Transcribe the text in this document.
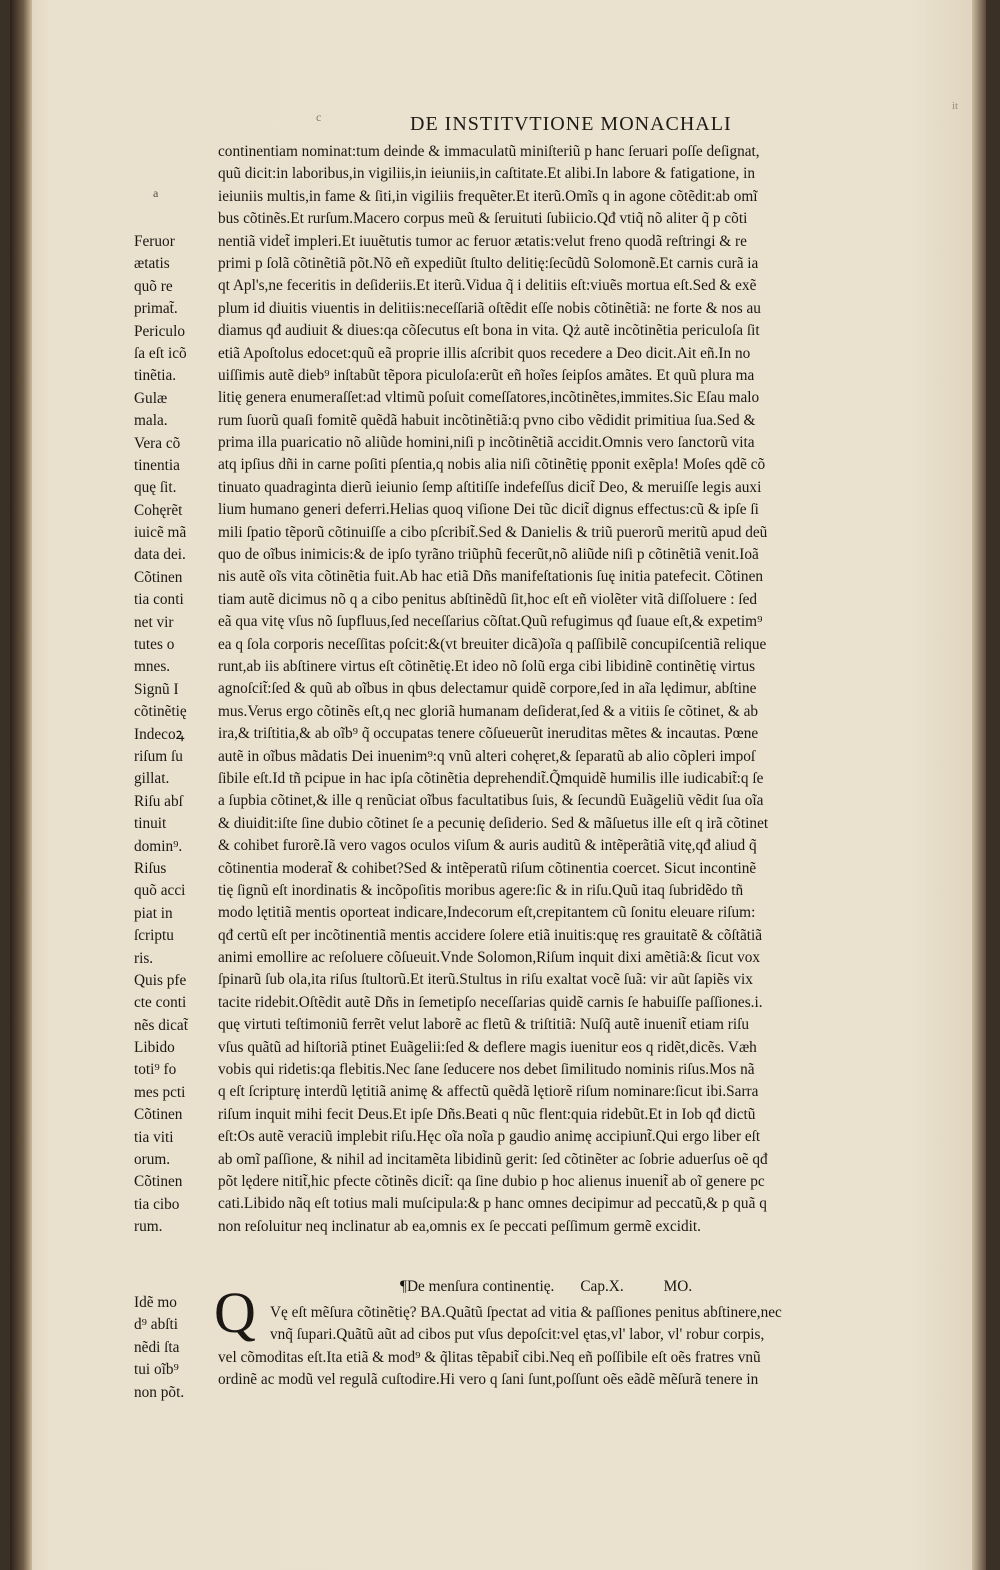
c	DE INSTITVTIONE MONACHALI
a
it
continentiam nominat:tum deinde & immaculatũ miniſteriũ p hanc ſeruari poſſe deſignat,
quũ dicit:in laboribus,in vigiliis,in ieiuniis,in caſtitate.Et alibi.In labore & fatigatione, in
ieiuniis multis,in fame & ſiti,in vigiliis frequẽter.Et iterũ.Omĩs q in agone cõtẽdit:ab omĩ
bus cõtinẽs.Et rurſum.Macero corpus meũ & ſeruituti ſubiicio.Qđ vtiq̃ nõ aliter q̃ p cõti
nentiã videt̃ impleri.Et iuuẽtutis tumor ac feruor ætatis:velut freno quodã reſtringi & re
primi p ſolã cõtinẽtiã põt.Nõ eñ expediũt ſtulto delitię:ſecũdũ Solomonẽ.Et carnis curã ia
qt Apl's,ne feceritis in deſideriis.Et iterũ.Vidua q̃ i delitiis eſt:viuẽs mortua eſt.Sed & exẽ
plum id diuitis viuentis in delitiis:neceſſariã oſtẽdit eſſe nobis cõtinẽtiã: ne forte & nos au
diamus qđ audiuit & diues:qa cõſecutus eſt bona in vita. Qż autẽ incõtinẽtia periculoſa ſit
etiã Apoſtolus edocet:quũ eã proprie illis aſcribit quos recedere a Deo dicit.Ait eñ.In no
uiſſimis autẽ dieb⁹ inſtabũt tẽpora piculoſa:erũt eñ hoĩes ſeipſos amãtes. Et quũ plura ma
litię genera enumeraſſet:ad vltimũ poſuit comeſſatores,incõtinẽtes,immites.Sic Eſau malo
rum ſuorũ quaſi fomitẽ quẽdã habuit incõtinẽtiã:q pvno cibo vẽdidit primitiua ſua.Sed &
prima illa puaricatio nõ aliũde homini,niſi p incõtinẽtiã accidit.Omnis vero ſanctorũ vita
atq ipſius dñi in carne poſiti pſentia,q nobis alia niſi cõtinẽtię pponit exẽpla! Moſes qdẽ cõ
tinuato quadraginta dierũ ieiunio ſemp aſtitiſſe indefeſſus dicit̃ Deo, & meruiſſe legis auxi
lium humano generi deferri.Helias quoq viſione Dei tũc dicit̃ dignus effectus:cũ & ipſe ſi
mili ſpatio tẽporũ cõtinuiſſe a cibo pſcribit̃.Sed & Danielis & triũ puerorũ meritũ apud deũ
quo de oĩbus inimicis:& de ipſo tyrãno triũphũ fecerũt,nõ aliũde niſi p cõtinẽtiã venit.Ioã
nis autẽ oĩs vita cõtinẽtia fuit.Ab hac etiã Dñs manifeſtationis ſuę initia patefecit. Cõtinen
tiam autẽ dicimus nõ q a cibo penitus abſtinẽdũ ſit,hoc eſt eñ violẽter vitã diſſoluere : ſed
eã qua vitę vſus nõ ſupfluus,ſed neceſſarius cõſtat.Quũ refugimus qđ ſuaue eſt,& expetim⁹
ea q ſola corporis neceſſitas poſcit:&(vt breuiter dicã)oĩa q paſſibilẽ concupiſcentiã relique
runt,ab iis abſtinere virtus eſt cõtinẽtię.Et ideo nõ ſolũ erga cibi libidinẽ continẽtię virtus
agnoſcit̃:ſed & quũ ab oĩbus in qbus delectamur quidẽ corpore,ſed in aĩa lędimur, abſtine
mus.Verus ergo cõtinẽs eſt,q nec gloriã humanam deſiderat,ſed & a vitiis ſe cõtinet, & ab
ira,& triſtitia,& ab oĩb⁹ q̃ occupatas tenere cõſueuerũt ineruditas mẽtes & incautas. Pœne
autẽ in oĩbus mãdatis Dei inuenim⁹:q vnũ alteri cohęret,& ſeparatũ ab alio cõpleri impoſ
ſibile eſt.Id tñ pcipue in hac ipſa cõtinẽtia deprehendit̃.Q̃mquidẽ humilis ille iudicabit̃:q ſe
a ſupbia cõtinet,& ille q renũciat oĩbus facultatibus ſuis, & ſecundũ Euãgeliũ vẽdit ſua oĩa
& diuidit:iſte ſine dubio cõtinet ſe a pecunię deſiderio. Sed & mãſuetus ille eſt q irã cõtinet
& cohibet furorẽ.Iã vero vagos oculos viſum & auris auditũ & intẽperãtiã vitę,qđ aliud q̃
cõtinentia moderat̃ & cohibet?Sed & intẽperatũ riſum cõtinentia coercet. Sicut incontinẽ
tię ſignũ eſt inordinatis & incõpoſitis moribus agere:ſic & in riſu.Quũ itaq ſubridẽdo tñ
modo lętitiã mentis oporteat indicare,Indecorum eſt,crepitantem cũ ſonitu eleuare riſum:
qđ certũ eſt per incõtinentiã mentis accidere ſolere etiã inuitis:quę res grauitatẽ & cõſtãtiã
animi emollire ac reſoluere cõſueuit.Vnde Solomon,Riſum inquit dixi amẽtiã:& ſicut vox
ſpinarũ ſub ola,ita riſus ſtultorũ.Et iterũ.Stultus in riſu exaltat vocẽ ſuã: vir aũt ſapiẽs vix
tacite ridebit.Oſtẽdit autẽ Dñs in ſemetipſo neceſſarias quidẽ carnis ſe habuiſſe paſſiones.i.
quę virtuti teſtimoniũ ferrẽt velut laborẽ ac fletũ & triſtitiã: Nuſq̃ autẽ inuenit̃ etiam riſu
vſus quãtũ ad hiſtoriã ptinet Euãgelii:ſed & deflere magis iuenitur eos q ridẽt,dicẽs. Væh
vobis qui ridetis:qa flebitis.Nec ſane ſeducere nos debet ſimilitudo nominis riſus.Mos nã
q eſt ſcripturę interdũ lętitiã animę & affectũ quẽdã lętiorẽ riſum nominare:ſicut ibi.Sarra
riſum inquit mihi fecit Deus.Et ipſe Dñs.Beati q nũc flent:quia ridebũt.Et in Iob qđ dictũ
eſt:Os autẽ veraciũ implebit riſu.Hęc oĩa noĩa p gaudio animę accipiunt̃.Qui ergo liber eſt
ab omĩ paſſione, & nihil ad incitamẽta libidinũ gerit: ſed cõtinẽter ac ſobrie aduerſus oẽ qđ
põt lędere nitit̃,hic pfecte cõtinẽs dicit̃: qa ſine dubio p hoc alienus inuenit̃ ab oĩ genere pc
cati.Libido nãq eſt totius mali muſcipula:& p hanc omnes decipimur ad peccatũ,& p quã q
non reſoluitur neq inclinatur ab ea,omnis ex ſe peccati peſſimum germẽ excidit.
Feruor
ætatis
quõ re
primat̃.
Periculo
ſa eſt icõ
tinẽtia.
Gulæ
mala.
Vera cõ
tinentia
quę ſit.
Cohęrẽt
iuicẽ mã
data dei.
Cõtinen
tia conti
net vir
tutes o
mnes.
Signũ I
cõtinẽtię
Indecoꝝ
riſum ſu
gillat.
Riſu abſ
tinuit
domin⁹.
Riſus
quõ acci
piat in
ſcriptu
ris.
Quis pfe
cte conti
nẽs dicat̃
Libido
toti⁹ fo
mes pcti
Cõtinen
tia viti
orum.
Cõtinen
tia cibo
rum.
¶De menſura continentię. Cap.X.	MO.
Q Vę eſt mẽſura cõtinẽtię? BA.Quãtũ ſpectat ad vitia & paſſiones penitus abſtinere,nec
vnq̃ ſupari.Quãtũ aũt ad cibos put vſus depoſcit:vel ętas,vl' labor, vl' robur corpis,
vel cõmoditas eſt.Ita etiã & mod⁹ & q̃litas tẽpabit̃ cibi.Neq eñ poſſibile eſt oẽs fratres vnũ
ordinẽ ac modũ vel regulã cuſtodire.Hi vero q ſani ſunt,poſſunt oẽs eãdẽ mẽſurã tenere in
Idẽ mo
d⁹ abſti
nẽdi ſta
tui oĩb⁹
non põt.
